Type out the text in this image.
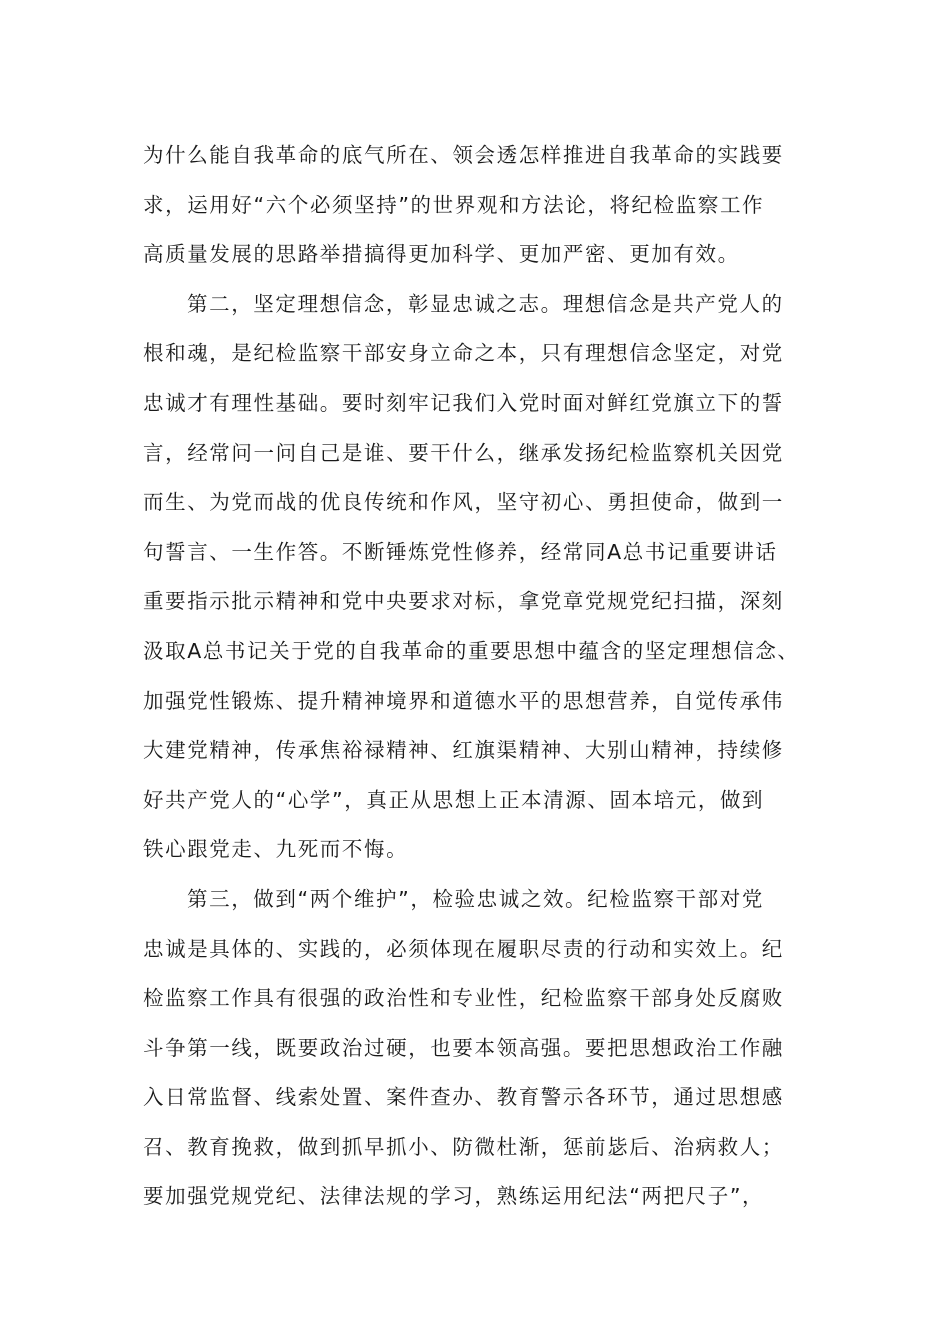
为什么能自我革命的底气所在、领会透怎样推进自我革命的实践要
求，运用好“六个必须坚持”的世界观和方法论，将纪检监察工作
高质量发展的思路举措搞得更加科学、更加严密、更加有效。
第二，坚定理想信念，彰显忠诚之志。理想信念是共产党人的
根和魂，是纪检监察干部安身立命之本，只有理想信念坚定，对党
忠诚才有理性基础。要时刻牢记我们入党时面对鲜红党旗立下的誓
言，经常问一问自己是谁、要干什么，继承发扬纪检监察机关因党
而生、为党而战的优良传统和作风，坚守初心、勇担使命，做到一
句誓言、一生作答。不断锤炼党性修养，经常同A总书记重要讲话
重要指示批示精神和党中央要求对标，拿党章党规党纪扫描，深刻
汲取A总书记关于党的自我革命的重要思想中蕴含的坚定理想信念、
加强党性锻炼、提升精神境界和道德水平的思想营养，自觉传承伟
大建党精神，传承焦裕禄精神、红旗渠精神、大别山精神，持续修
好共产党人的“心学”，真正从思想上正本清源、固本培元，做到
铁心跟党走、九死而不悔。
第三，做到“两个维护”，检验忠诚之效。纪检监察干部对党
忠诚是具体的、实践的，必须体现在履职尽责的行动和实效上。纪
检监察工作具有很强的政治性和专业性，纪检监察干部身处反腐败
斗争第一线，既要政治过硬，也要本领高强。要把思想政治工作融
入日常监督、线索处置、案件查办、教育警示各环节，通过思想感
召、教育挽救，做到抓早抓小、防微杜渐，惩前毖后、治病救人；
要加强党规党纪、法律法规的学习，熟练运用纪法“两把尺子”，
